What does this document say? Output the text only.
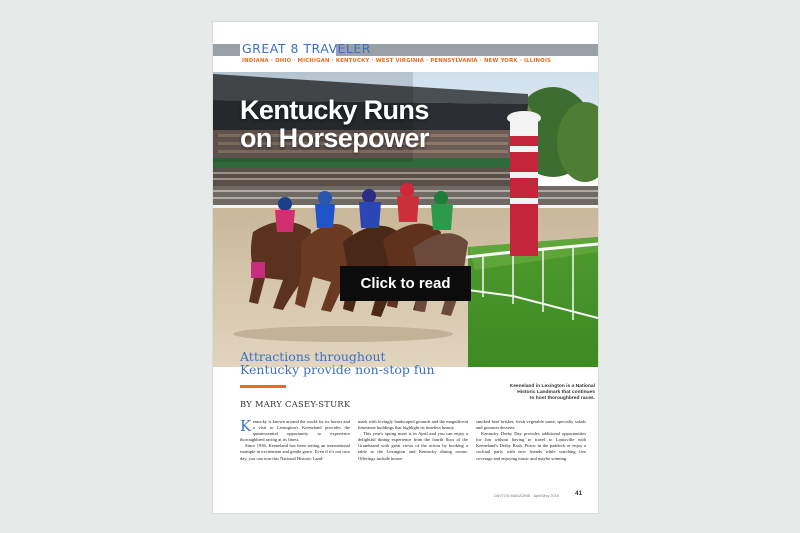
GREAT 8 TRAVELER
INDIANA · OHIO · MICHIGAN · KENTUCKY · WEST VIRGINIA · PENNSYLVANIA · NEW YORK · ILLINOIS
Kentucky Runs
on Horsepower
Click to read
Attractions throughout
Kentucky provide non-stop fun
BY MARY CASEY-STURK
Keeneland in Lexington is a National
Historic Landmark that continues
to host thoroughbred races.

Kentucky is known around the world for its horses and a visit to Lexington's Keeneland provides the quintessential opportunity to experience thoroughbred racing at its finest.

Since 1936, Keeneland has been setting an international example in excitement and gentle grace. Even if it's not race day, you can tour this National Historic Land-

mark with lovingly landscaped grounds and the magnificent limestone buildings that highlight its timeless beauty.

This year's spring meet is in April and you can enjoy a delightful dining experience from the fourth floor of the Grandstand with great views of the action by booking a table at the Lexington and Kentucky dining rooms. Offerings include house-

smoked beef brisket, fresh vegetable sauté, specialty salads and gourmet desserts.

Kentucky Derby Day provides additional opportunities for fun without having to travel to Louisville with Keeneland's Derby Bash. Picnic in the paddock or enjoy a cocktail party with new friends while watching live coverage and enjoying music and maybe winning.

DAYTON MAGAZINE · April/May 2016 41
